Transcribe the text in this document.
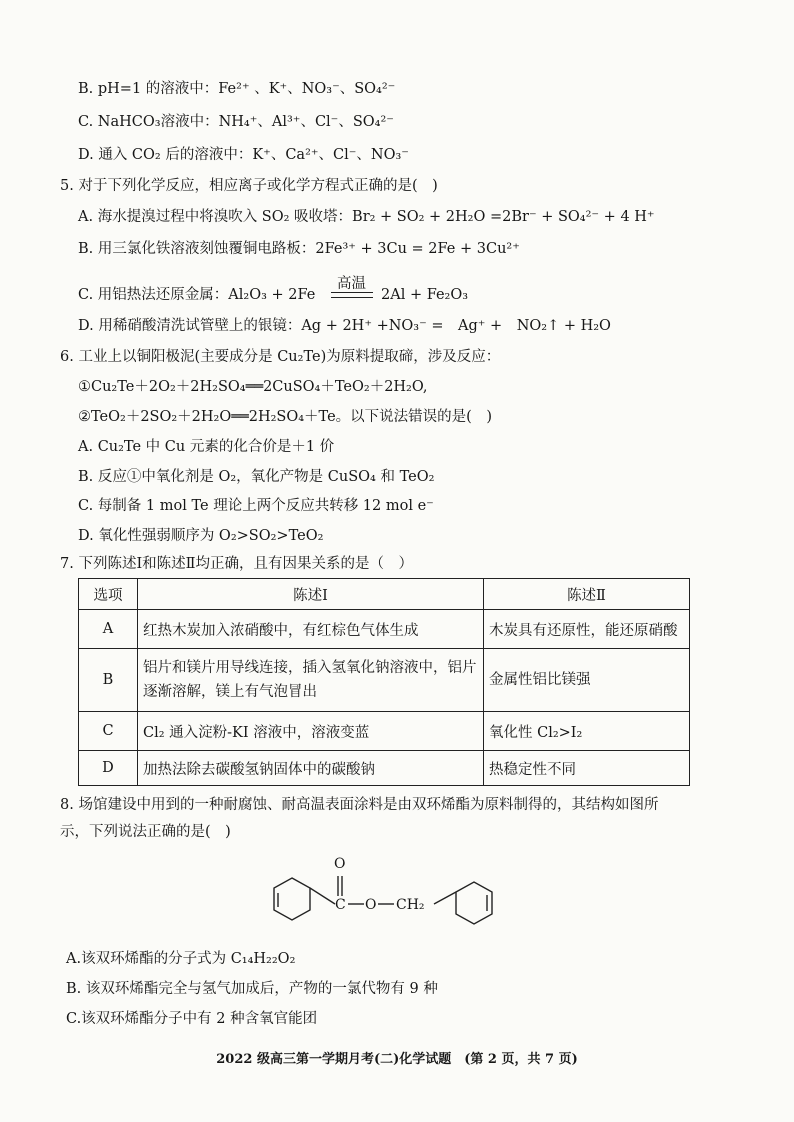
B. pH=1 的溶液中：Fe²⁺ 、K⁺、NO₃⁻、SO₄²⁻
C. NaHCO₃溶液中：NH₄⁺、Al³⁺、Cl⁻、SO₄²⁻
D. 通入 CO₂ 后的溶液中：K⁺、Ca²⁺、Cl⁻、NO₃⁻
5. 对于下列化学反应，相应离子或化学方程式正确的是(　)
A. 海水提溴过程中将溴吹入 SO₂ 吸收塔：Br₂ + SO₂ + 2H₂O =2Br⁻ + SO₄²⁻ + 4 H⁺
B. 用三氯化铁溶液刻蚀覆铜电路板：2Fe³⁺ + 3Cu = 2Fe + 3Cu²⁺
C. 用铝热法还原金属：Al₂O₃ + 2Fe
高温
2Al + Fe₂O₃
D. 用稀硝酸清洗试管壁上的银镜：Ag + 2H⁺ +NO₃⁻ =　Ag⁺ +　NO₂↑ + H₂O
6. 工业上以铜阳极泥(主要成分是 Cu₂Te)为原料提取碲，涉及反应：
①Cu₂Te＋2O₂＋2H₂SO₄══2CuSO₄＋TeO₂＋2H₂O,
②TeO₂＋2SO₂＋2H₂O══2H₂SO₄＋Te。以下说法错误的是(　)
A. Cu₂Te 中 Cu 元素的化合价是＋1 价
B. 反应①中氧化剂是 O₂，氧化产物是 CuSO₄ 和 TeO₂
C. 每制备 1 mol Te 理论上两个反应共转移 12 mol e⁻
D. 氧化性强弱顺序为 O₂>SO₂>TeO₂
7. 下列陈述Ⅰ和陈述Ⅱ均正确，且有因果关系的是（　）
选项	陈述Ⅰ	陈述Ⅱ
A	红热木炭加入浓硝酸中，有红棕色气体生成	木炭具有还原性，能还原硝酸
B	铝片和镁片用导线连接，插入氢氧化钠溶液中，铝片逐渐溶解，镁上有气泡冒出	金属性铝比镁强
C	Cl₂ 通入淀粉-KI 溶液中，溶液变蓝	氧化性 Cl₂>I₂
D	加热法除去碳酸氢钠固体中的碳酸钠	热稳定性不同
8. 场馆建设中用到的一种耐腐蚀、耐高温表面涂料是由双环烯酯为原料制得的，其结构如图所
示，下列说法正确的是(　)
O
C O CH₂
A.该双环烯酯的分子式为 C₁₄H₂₂O₂
B. 该双环烯酯完全与氢气加成后，产物的一氯代物有 9 种
C.该双环烯酯分子中有 2 种含氧官能团
2022 级高三第一学期月考(二)化学试题　(第 2 页，共 7 页)
